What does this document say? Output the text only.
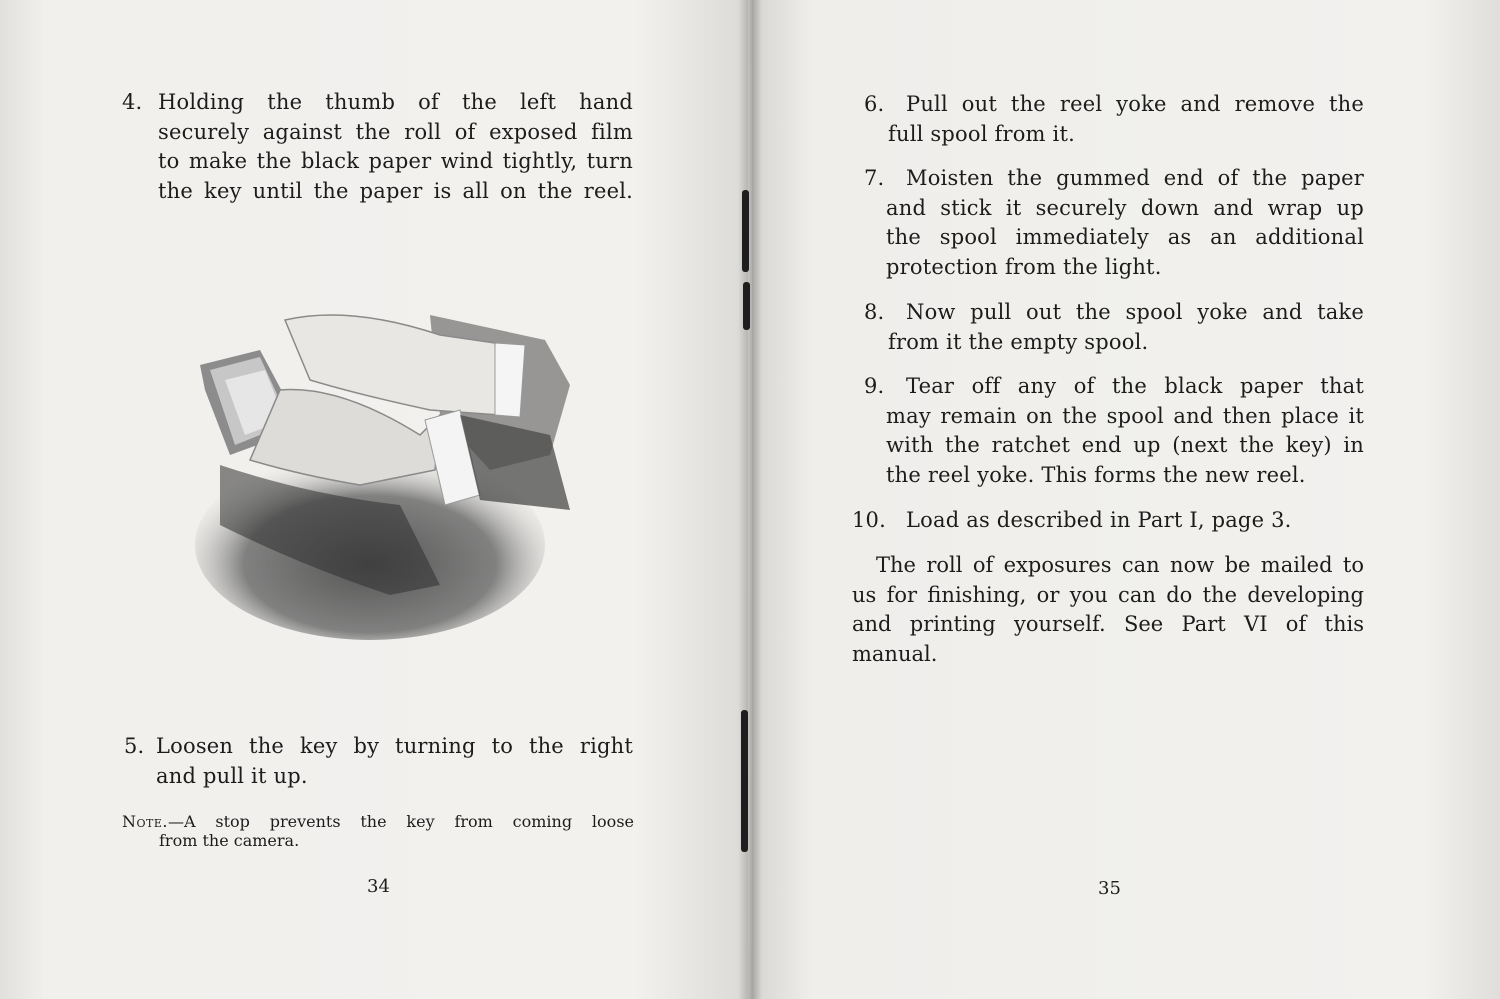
4. Holding the thumb of the left hand
securely against the roll of exposed film
to make the black paper wind tightly, turn
the key until the paper is all on the reel.
5. Loosen the key by turning to the right
and pull it up.
Note.—A stop prevents the key from coming loose
from the camera.
34
6.	Pull out the reel yoke and remove the
full spool from it.
7.	Moisten the gummed end of the paper
and stick it securely down and wrap up
the spool immediately as an additional
protection from the light.
8.	Now pull out the spool yoke and take
from it the empty spool.
9.	Tear off any of the black paper that
may remain on the spool and then place it
with the ratchet end up (next the key) in
the reel yoke. This forms the new reel.
10. Load as described in Part I, page 3.
The roll of exposures can now be mailed to
us for finishing, or you can do the developing
and printing yourself. See Part VI of this
manual.
35
